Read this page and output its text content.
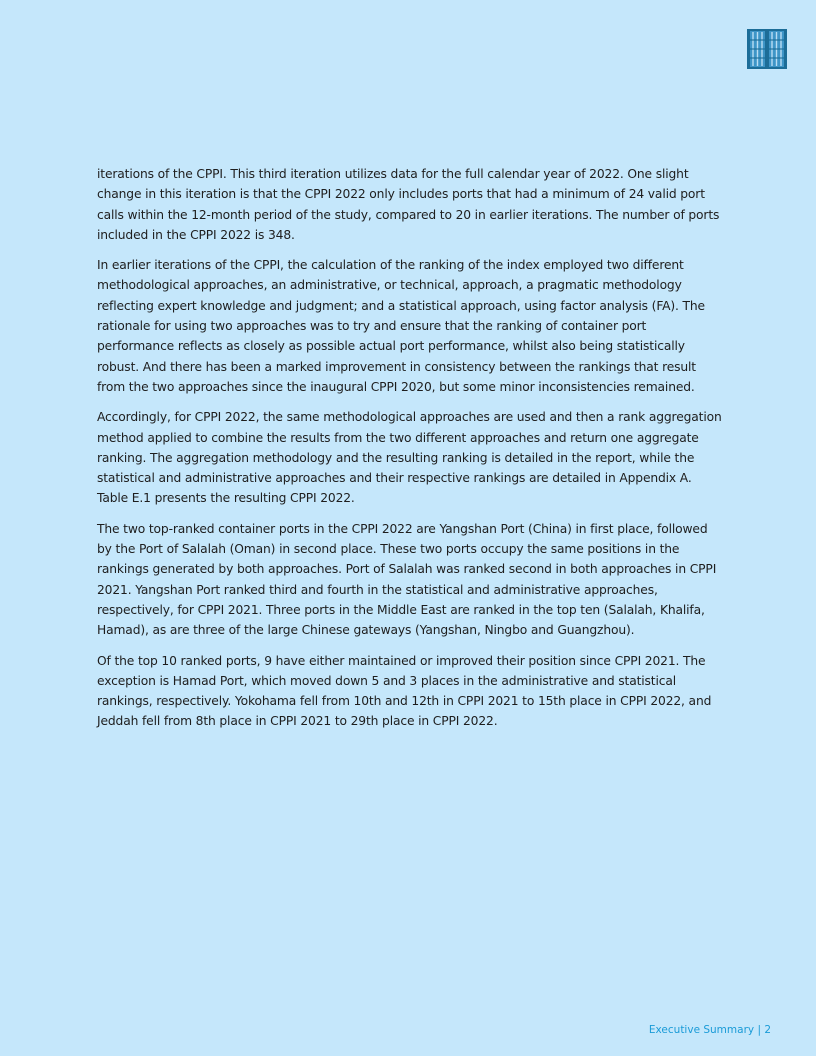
iterations of the CPPI. This third iteration utilizes data for the full calendar year of 2022. One slight change in this iteration is that the CPPI 2022 only includes ports that had a minimum of 24 valid port calls within the 12-month period of the study, compared to 20 in earlier iterations. The number of ports included in the CPPI 2022 is 348.

In earlier iterations of the CPPI, the calculation of the ranking of the index employed two different methodological approaches, an administrative, or technical, approach, a pragmatic methodology reflecting expert knowledge and judgment; and a statistical approach, using factor analysis (FA). The rationale for using two approaches was to try and ensure that the ranking of container port performance reflects as closely as possible actual port performance, whilst also being statistically robust. And there has been a marked improvement in consistency between the rankings that result from the two approaches since the inaugural CPPI 2020, but some minor inconsistencies remained.

Accordingly, for CPPI 2022, the same methodological approaches are used and then a rank aggregation method applied to combine the results from the two different approaches and return one aggregate ranking. The aggregation methodology and the resulting ranking is detailed in the report, while the statistical and administrative approaches and their respective rankings are detailed in Appendix A. Table E.1 presents the resulting CPPI 2022.

The two top-ranked container ports in the CPPI 2022 are Yangshan Port (China) in first place, followed by the Port of Salalah (Oman) in second place. These two ports occupy the same positions in the rankings generated by both approaches. Port of Salalah was ranked second in both approaches in CPPI 2021. Yangshan Port ranked third and fourth in the statistical and administrative approaches, respectively, for CPPI 2021. Three ports in the Middle East are ranked in the top ten (Salalah, Khalifa, Hamad), as are three of the large Chinese gateways (Yangshan, Ningbo and Guangzhou).

Of the top 10 ranked ports, 9 have either maintained or improved their position since CPPI 2021. The exception is Hamad Port, which moved down 5 and 3 places in the administrative and statistical rankings, respectively. Yokohama fell from 10th and 12th in CPPI 2021 to 15th place in CPPI 2022, and Jeddah fell from 8th place in CPPI 2021 to 29th place in CPPI 2022.

Executive Summary | 2
